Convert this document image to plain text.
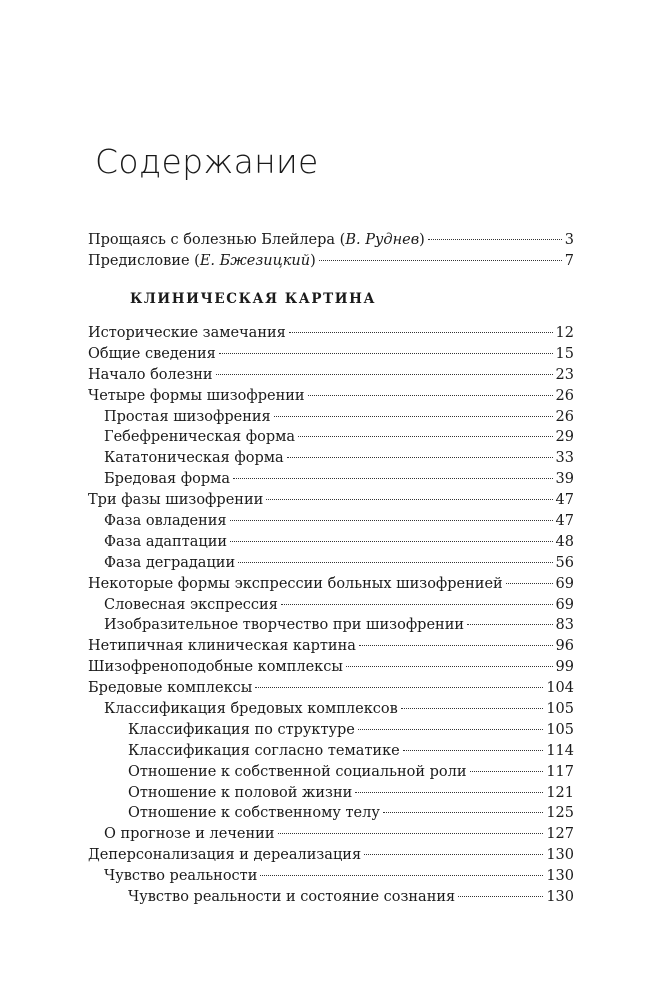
Содержание
Прощаясь с болезнью Блейлера (В. Руднев)	3
Предисловие (Е. Бжезицкий)	7
КЛИНИЧЕСКАЯ КАРТИНА
Исторические замечания	12
Общие сведения	15
Начало болезни	23
Четыре формы шизофрении	26
Простая шизофрения	26
Гебефреническая форма	29
Кататоническая форма	33
Бредовая форма	39
Три фазы шизофрении	47
Фаза овладения	47
Фаза адаптации	48
Фаза деградации	56
Некоторые формы экспрессии больных шизофренией	69
Словесная экспрессия	69
Изобразительное творчество при шизофрении	83
Нетипичная клиническая картина	96
Шизофреноподобные комплексы	99
Бредовые комплексы	104
Классификация бредовых комплексов	105
Классификация по структуре	105
Классификация согласно тематике	114
Отношение к собственной социальной роли	117
Отношение к половой жизни	121
Отношение к собственному телу	125
О прогнозе и лечении	127
Деперсонализация и дереализация	130
Чувство реальности	130
Чувство реальности и состояние сознания	130
